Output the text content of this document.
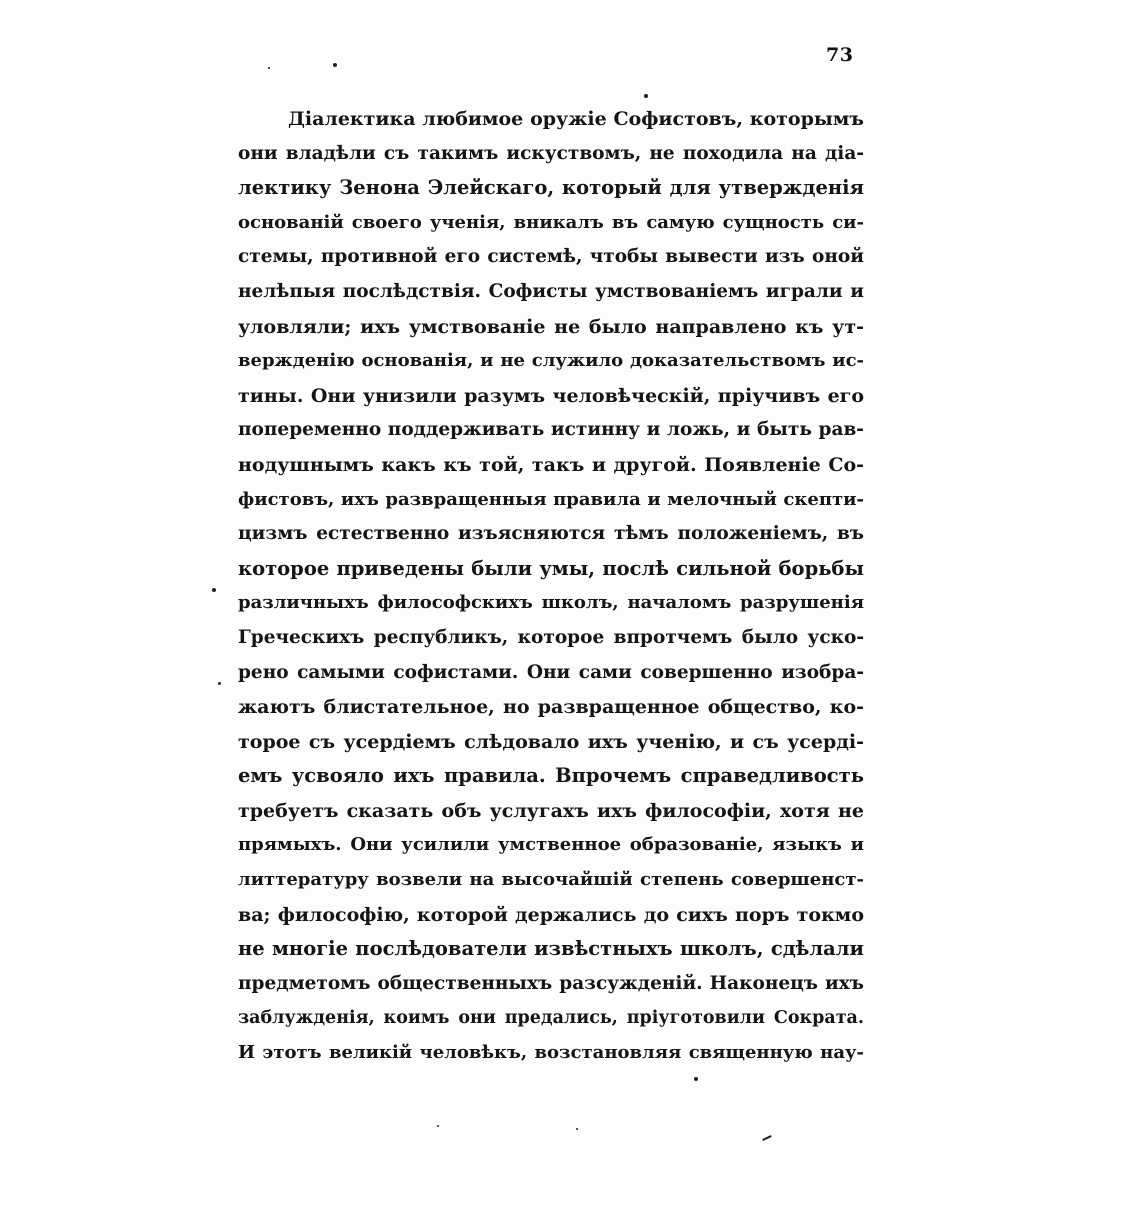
73
Діалектика любимое оружіе Софистовъ, которымъ
они владѣли съ такимъ искуствомъ, не походила на діа-
лектику Зенона Элейскаго, который для утвержденія
основаній своего ученія, вникалъ въ самую сущность си-
стемы, противной его системѣ, чтобы вывести изъ оной
нелѣпыя послѣдствія. Софисты умствованіемъ играли и
уловляли; ихъ умствованіе не было направлено къ ут-
вержденію основанія, и не служило доказательствомъ ис-
тины. Они унизили разумъ человѣческій, пріучивъ его
попеременно поддерживать истинну и ложь, и быть рав-
нодушнымъ какъ къ той, такъ и другой. Появленіе Со-
фистовъ, ихъ развращенныя правила и мелочный скепти-
цизмъ естественно изъясняются тѣмъ положеніемъ, въ
которое приведены были умы, послѣ сильной борьбы
различныхъ философскихъ школъ, началомъ разрушенія
Греческихъ республикъ, которое впротчемъ было уско-
рено самыми софистами. Они сами совершенно изобра-
жаютъ блистательное, но развращенное общество, ко-
торое съ усердіемъ слѣдовало ихъ ученію, и съ усердi-
емъ усвояло ихъ правила. Впрочемъ справедливость
требуетъ сказать объ услугахъ ихъ философіи, хотя не
прямыхъ. Они усилили умственное образованіе, языкъ и
литтературу возвели на высочайшій степень совершенст-
ва; философію, которой держались до сихъ поръ токмо
не многіе послѣдователи извѣстныхъ школъ, сдѣлали
предметомъ общественныхъ разсужденій. Наконецъ ихъ
заблужденія, коимъ они предались, пріуготовили Сократа.
И этотъ великій человѣкъ, возстановляя священную нау-
